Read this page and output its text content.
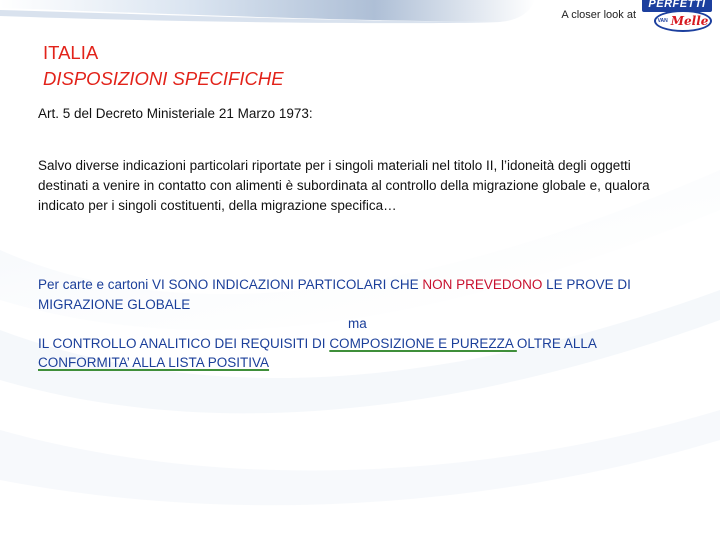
A closer look at
PERFETTI
VAN Melle
ITALIA
DISPOSIZIONI SPECIFICHE

Art. 5 del Decreto Ministeriale 21 Marzo 1973:

Salvo diverse indicazioni particolari riportate per i singoli materiali nel titolo II, l’idoneità degli oggetti destinati a venire in contatto con alimenti è subordinata al controllo della migrazione globale e, qualora indicato per i singoli costituenti, della migrazione specifica…

Per carte e cartoni VI SONO INDICAZIONI PARTICOLARI CHE NON PREVEDONO LE PROVE DI MIGRAZIONE GLOBALE
ma
IL CONTROLLO ANALITICO DEI REQUISITI DI COMPOSIZIONE E PUREZZA OLTRE ALLA CONFORMITA’ ALLA LISTA POSITIVA
